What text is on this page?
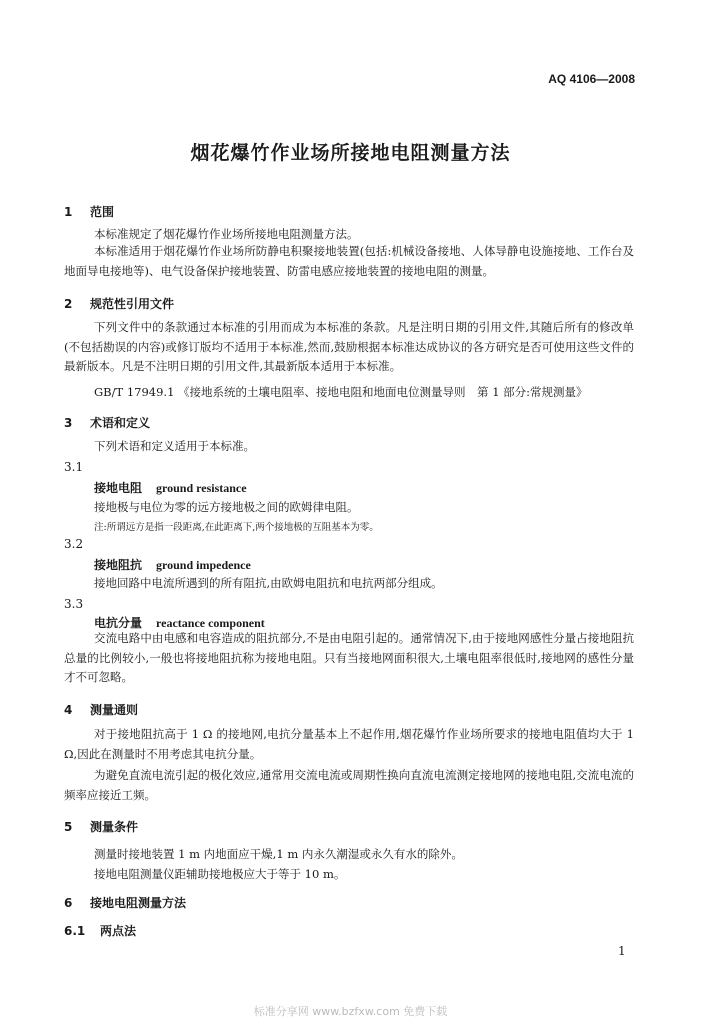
AQ 4106—2008
烟花爆竹作业场所接地电阻测量方法
1 范围
本标准规定了烟花爆竹作业场所接地电阻测量方法。
本标准适用于烟花爆竹作业场所防静电积聚接地装置(包括:机械设备接地、人体导静电设施接地、工作台及地面导电接地等)、电气设备保护接地装置、防雷电感应接地装置的接地电阻的测量。
2 规范性引用文件
下列文件中的条款通过本标准的引用而成为本标准的条款。凡是注明日期的引用文件,其随后所有的修改单(不包括勘误的内容)或修订版均不适用于本标准,然而,鼓励根据本标准达成协议的各方研究是否可使用这些文件的最新版本。凡是不注明日期的引用文件,其最新版本适用于本标准。
GB/T 17949.1 《接地系统的土壤电阻率、接地电阻和地面电位测量导则　第 1 部分:常规测量》
3 术语和定义
下列术语和定义适用于本标准。
3.1
接地电阻 ground resistance
接地极与电位为零的远方接地极之间的欧姆律电阻。
注:所谓远方是指一段距离,在此距离下,两个接地极的互阻基本为零。
3.2
接地阻抗 ground impedence
接地回路中电流所遇到的所有阻抗,由欧姆电阻抗和电抗两部分组成。
3.3
电抗分量 reactance component
交流电路中由电感和电容造成的阻抗部分,不是由电阻引起的。通常情况下,由于接地网感性分量占接地阻抗总量的比例较小,一般也将接地阻抗称为接地电阻。只有当接地网面积很大,土壤电阻率很低时,接地网的感性分量才不可忽略。
4 测量通则
对于接地阻抗高于 1 Ω 的接地网,电抗分量基本上不起作用,烟花爆竹作业场所要求的接地电阻值均大于 1 Ω,因此在测量时不用考虑其电抗分量。
为避免直流电流引起的极化效应,通常用交流电流或周期性换向直流电流测定接地网的接地电阻,交流电流的频率应接近工频。
5 测量条件
测量时接地装置 1 m 内地面应干燥,1 m 内永久潮湿或永久有水的除外。
接地电阻测量仪距辅助接地极应大于等于 10 m。
6 接地电阻测量方法
6.1 两点法
1
标准分享网 www.bzfxw.com 免费下载
